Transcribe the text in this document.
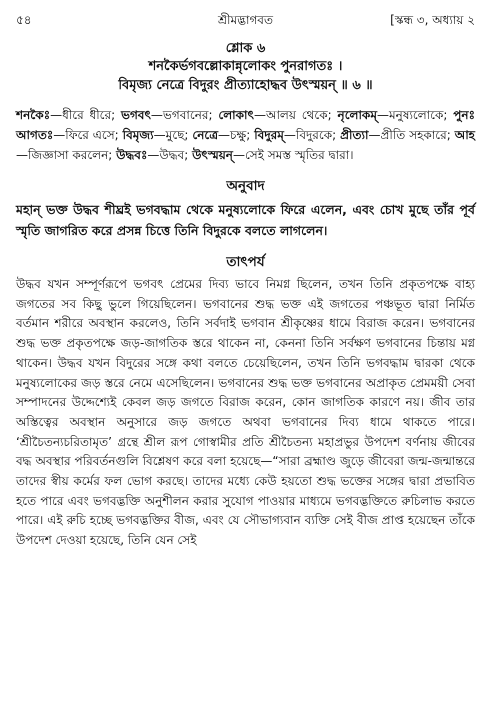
৫৪	শ্রীমদ্ভাগবত	[স্কন্ধ ৩, অধ্যায় ২
শ্লোক ৬
শনকৈর্ভগবল্লোকান্নৃলোকং পুনরাগতঃ ।
বিমৃজ্য নেত্রে বিদুরং প্রীত্যাহোদ্ধব উৎস্ময়ন্ ॥ ৬ ॥
শনকৈঃ—ধীরে ধীরে; ভগবৎ—ভগবানের; লোকাৎ—আলয় থেকে; নৃলোকম্—মনুষ্যলোকে; পুনঃ আগতঃ—ফিরে এসে; বিমৃজ্য—মুছে; নেত্রে—চক্ষু; বিদুরম্—বিদুরকে; প্রীত্যা—প্রীতি সহকারে; আহ—জিজ্ঞাসা করলেন; উদ্ধবঃ—উদ্ধব; উৎস্ময়ন্—সেই সমস্ত স্মৃতির দ্বারা।
অনুবাদ
মহান্ ভক্ত উদ্ধব শীঘ্রই ভগবদ্ধাম থেকে মনুষ্যলোকে ফিরে এলেন, এবং চোখ মুছে তাঁর পূর্ব স্মৃতি জাগরিত করে প্রসন্ন চিত্তে তিনি বিদুরকে বলতে লাগলেন।
তাৎপর্য
উদ্ধব যখন সম্পূর্ণরূপে ভগবৎ প্রেমের দিব্য ভাবে নিমগ্ন ছিলেন, তখন তিনি প্রকৃতপক্ষে বাহ্য জগতের সব কিছু ভুলে গিয়েছিলেন। ভগবানের শুদ্ধ ভক্ত এই জগতের পঞ্চভূত দ্বারা নির্মিত বর্তমান শরীরে অবস্থান করলেও, তিনি সর্বদাই ভগবান শ্রীকৃষ্ণের ধামে বিরাজ করেন। ভগবানের শুদ্ধ ভক্ত প্রকৃতপক্ষে জড়-জাগতিক স্তরে থাকেন না, কেননা তিনি সর্বক্ষণ ভগবানের চিন্তায় মগ্ন থাকেন। উদ্ধব যখন বিদুরের সঙ্গে কথা বলতে চেয়েছিলেন, তখন তিনি ভগবদ্ধাম দ্বারকা থেকে মনুষ্যলোকের জড় স্তরে নেমে এসেছিলেন। ভগবানের শুদ্ধ ভক্ত ভগবানের অপ্রাকৃত প্রেমময়ী সেবা সম্পাদনের উদ্দেশ্যেই কেবল জড় জগতে বিরাজ করেন, কোন জাগতিক কারণে নয়। জীব তার অস্তিত্বের অবস্থান অনুসারে জড় জগতে অথবা ভগবানের দিব্য ধামে থাকতে পারে। ‘শ্রীচৈতন্যচরিতামৃত’ গ্রন্থে শ্রীল রূপ গোস্বামীর প্রতি শ্রীচৈতন্য মহাপ্রভুর উপদেশ বর্ণনায় জীবের বদ্ধ অবস্থার পরিবর্তনগুলি বিশ্লেষণ করে বলা হয়েছে—“সারা ব্রহ্মাণ্ড জুড়ে জীবেরা জন্ম-জন্মান্তরে তাদের স্বীয় কর্মের ফল ভোগ করছে। তাদের মধ্যে কেউ হয়তো শুদ্ধ ভক্তের সঙ্গের দ্বারা প্রভাবিত হতে পারে এবং ভগবদ্ভক্তি অনুশীলন করার সুযোগ পাওয়ার মাধ্যমে ভগবদ্ভক্তিতে রুচিলাভ করতে পারে। এই রুচি হচ্ছে ভগবদ্ভক্তির বীজ, এবং যে সৌভাগ্যবান ব্যক্তি সেই বীজ প্রাপ্ত হয়েছেন তাঁকে উপদেশ দেওয়া হয়েছে, তিনি যেন সেই
